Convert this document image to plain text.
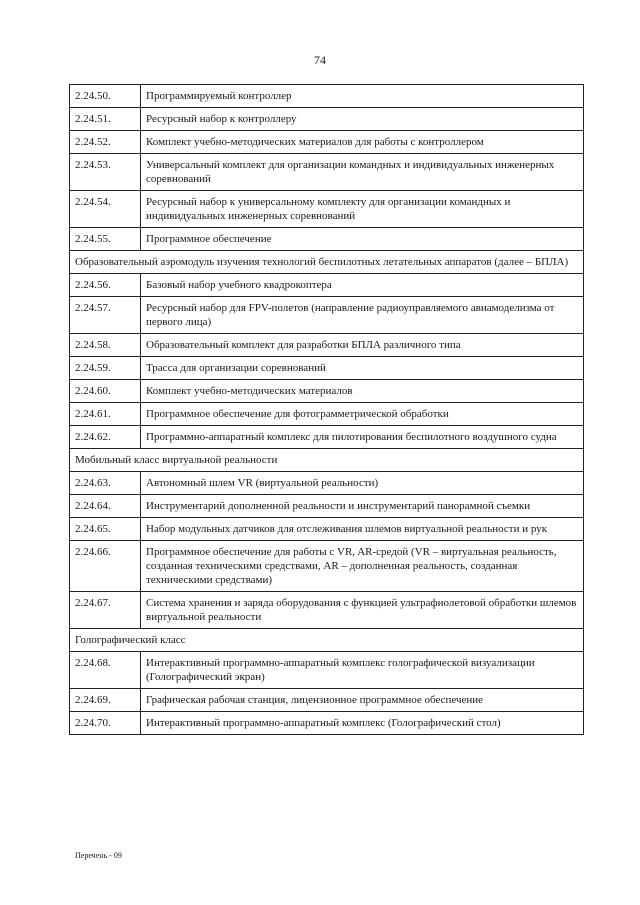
74
2.24.50.	Программируемый контроллер
2.24.51.	Ресурсный набор к контроллеру
2.24.52.	Комплект учебно-методических материалов для работы с контроллером
2.24.53.	Универсальный комплект для организации командных и индивидуальных инженерных соревнований
2.24.54.	Ресурсный набор к универсальному комплекту для организации командных и индивидуальных инженерных соревнований
2.24.55.	Программное обеспечение
Образовательный аэромодуль изучения технологий беспилотных летательных аппаратов (далее – БПЛА)	
2.24.56.	Базовый набор учебного квадрокоптера
2.24.57.	Ресурсный набор для FPV-полетов (направление радиоуправляемого авиамоделизма от первого лица)
2.24.58.	Образовательный комплект для разработки БПЛА различного типа
2.24.59.	Трасса для организации соревнований
2.24.60.	Комплект учебно-методических материалов
2.24.61.	Программное обеспечение для фотограмметрической обработки
2.24.62.	Программно-аппаратный комплекс для пилотирования беспилотного воздушного судна
Мобильный класс виртуальной реальности	
2.24.63.	Автономный шлем VR (виртуальной реальности)
2.24.64.	Инструментарий дополненной реальности и инструментарий панорамной съемки
2.24.65.	Набор модульных датчиков для отслеживания шлемов виртуальной реальности и рук
2.24.66.	Программное обеспечение для работы с VR, AR-средой (VR – виртуальная реальность, созданная техническими средствами, AR – дополненная реальность, созданная техническими средствами)
2.24.67.	Система хранения и заряда оборудования с функцией ультрафиолетовой обработки шлемов виртуальной реальности
Голографический класс	
2.24.68.	Интерактивный программно-аппаратный комплекс голографической визуализации (Голографический экран)
2.24.69.	Графическая рабочая станция, лицензионное программное обеспечение
2.24.70.	Интерактивный программно-аппаратный комплекс (Голографический стол)
Перечень - 09
